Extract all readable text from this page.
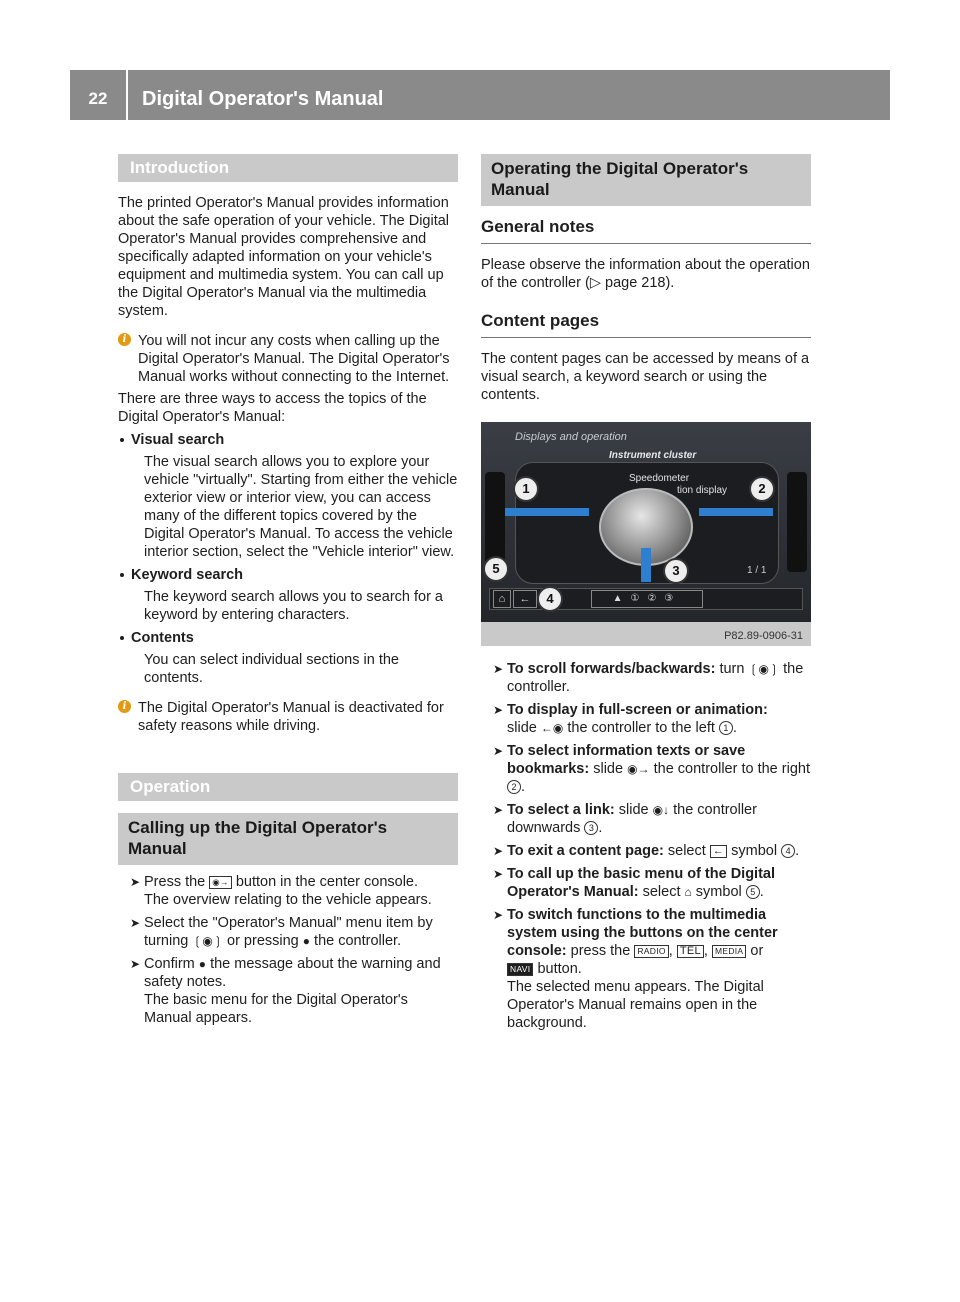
22	Digital Operator's Manual
Introduction

The printed Operator's Manual provides information about the safe operation of your vehicle. The Digital Operator's Manual provides comprehensive and specifically adapted information on your vehicle's equipment and multimedia system. You can call up the Digital Operator's Manual via the multimedia system.

i You will not incur any costs when calling up the Digital Operator's Manual. The Digital Operator's Manual works without connecting to the Internet.

There are three ways to access the topics of the Digital Operator's Manual:

Visual search

The visual search allows you to explore your vehicle "virtually". Starting from either the vehicle exterior view or interior view, you can access many of the different topics covered by the Digital Operator's Manual. To access the vehicle interior section, select the "Vehicle interior" view.

Keyword search

The keyword search allows you to search for a keyword by entering characters.

Contents

You can select individual sections in the contents.

i The Digital Operator's Manual is deactivated for safety reasons while driving.
Operation
Calling up the Digital Operator's Manual
➤ Press the ◉→ button in the center console.
The overview relating to the vehicle appears.
➤ Select the "Operator's Manual" menu item by turning ❲◉❳ or pressing ● the controller.
➤ Confirm ● the message about the warning and safety notes.
The basic menu for the Digital Operator's Manual appears.
Operating the Digital Operator's Manual
General notes

Please observe the information about the operation of the controller (▷ page 218).

Content pages

The content pages can be accessed by means of a visual search, a keyword search or using the contents.

Displays and operation
Instrument cluster
Speedometer
tion display
1 / 1
⌂	←	▲①②③
1	2
3
4
5
P82.89-0906-31
➤ To scroll forwards/backwards: turn ❲◉❳ the controller.
➤ To display in full-screen or animation:
slide ←◉ the controller to the left 1 .
➤ To select information texts or save bookmarks: slide ◉→ the controller to the right 2 .
➤ To select a link: slide ◉↓ the controller downwards 3 .
➤ To exit a content page: select ← symbol 4 .
➤ To call up the basic menu of the Digital Operator's Manual: select ⌂ symbol 5 .
➤ To switch functions to the multimedia system using the buttons on the center console: press the RADIO , TEL , MEDIA or
NAVI button.
The selected menu appears. The Digital Operator's Manual remains open in the background.
